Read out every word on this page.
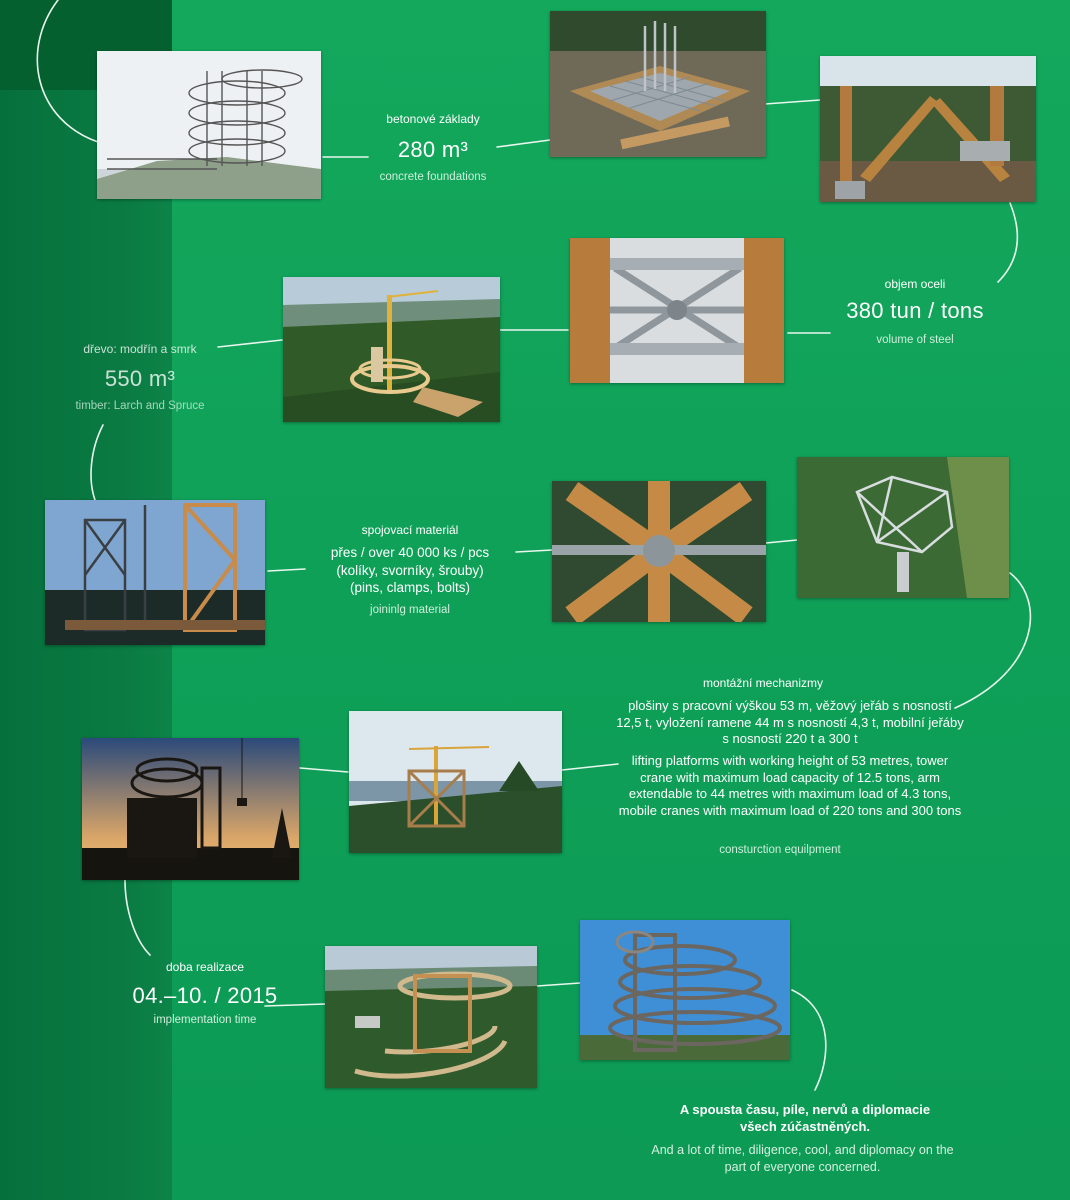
betonové základy
280 m³
concrete foundations
objem oceli
380 tun / tons
volume of steel
dřevo: modřín a smrk
550 m³
timber: Larch and Spruce
spojovací materiál
přes / over 40 000 ks / pcs
(kolíky, svorníky, šrouby)
(pins, clamps, bolts)
joininlg material
montážní mechanizmy
plošiny s pracovní výškou 53 m, věžový jeřáb s nosností 12,5 t, vyložení ramene 44 m s nosností 4,3 t, mobilní jeřáby s nosností 220 t a 300 t
lifting platforms with working height of 53 metres, tower crane with maximum load capacity of 12.5 tons, arm extendable to 44 metres with maximum load of 4.3 tons, mobile cranes with maximum load of 220 tons and 300 tons
consturction equilpment
doba realizace
04.–10. / 2015
implementation time
A spousta času, píle, nervů a diplomacie všech zúčastněných.
And a lot of time, diligence, cool, and diplomacy on the part of everyone concerned.
